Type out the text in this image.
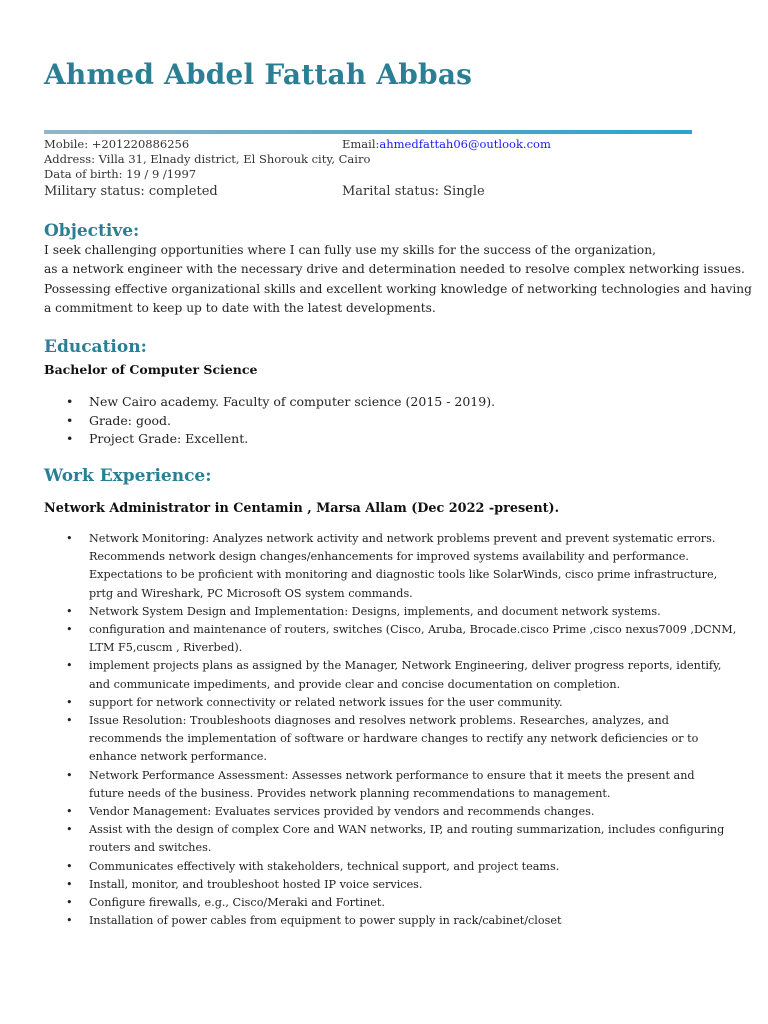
Ahmed Abdel Fattah Abbas
Mobile: +201220886256	Email:ahmedfattah06@outlook.com
Address: Villa 31, Elnady district, El Shorouk city, Cairo
Data of birth: 19 / 9 /1997
Military status: completed	Marital status: Single
Objective:
I seek challenging opportunities where I can fully use my skills for the success of the organization,
as a network engineer with the necessary drive and determination needed to resolve complex networking issues.
Possessing effective organizational skills and excellent working knowledge of networking technologies and having
a commitment to keep up to date with the latest developments.
Education:
Bachelor of Computer Science
• New Cairo academy. Faculty of computer science (2015 - 2019).
• Grade: good.
• Project Grade: Excellent.
Work Experience:
Network Administrator in Centamin , Marsa Allam (Dec 2022 -present).
• Network Monitoring: Analyzes network activity and network problems prevent and prevent systematic errors.
Recommends network design changes/enhancements for improved systems availability and performance.
Expectations to be proficient with monitoring and diagnostic tools like SolarWinds, cisco prime infrastructure,
prtg and Wireshark, PC Microsoft OS system commands.
• Network System Design and Implementation: Designs, implements, and document network systems.
• configuration and maintenance of routers, switches (Cisco, Aruba, Brocade.cisco Prime ,cisco nexus7009 ,DCNM,
LTM F5,cuscm , Riverbed).
• implement projects plans as assigned by the Manager, Network Engineering, deliver progress reports, identify,
and communicate impediments, and provide clear and concise documentation on completion.
• support for network connectivity or related network issues for the user community.
• Issue Resolution: Troubleshoots diagnoses and resolves network problems. Researches, analyzes, and
recommends the implementation of software or hardware changes to rectify any network deficiencies or to
enhance network performance.
• Network Performance Assessment: Assesses network performance to ensure that it meets the present and
future needs of the business. Provides network planning recommendations to management.
• Vendor Management: Evaluates services provided by vendors and recommends changes.
• Assist with the design of complex Core and WAN networks, IP, and routing summarization, includes configuring
routers and switches.
• Communicates effectively with stakeholders, technical support, and project teams.
• Install, monitor, and troubleshoot hosted IP voice services.
• Configure firewalls, e.g., Cisco/Meraki and Fortinet.
• Installation of power cables from equipment to power supply in rack/cabinet/closet
